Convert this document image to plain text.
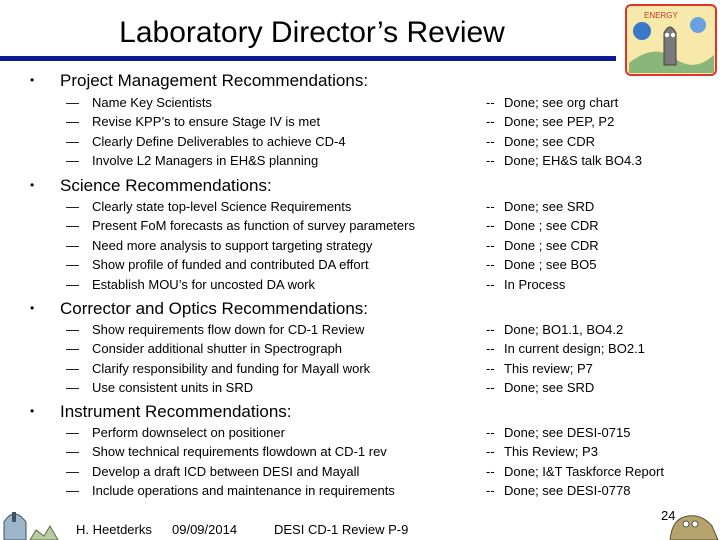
Laboratory Director’s Review
ENERGY
• Project Management Recommendations:
— Name Key Scientists	-- Done; see org chart
— Revise KPP’s to ensure Stage IV is met	-- Done; see PEP, P2
— Clearly Define Deliverables to achieve CD-4	-- Done; see CDR
— Involve L2 Managers in EH&S planning	-- Done; EH&S talk BO4.3
• Science Recommendations:
— Clearly state top-level Science Requirements	-- Done; see SRD
— Present FoM forecasts as function of survey parameters	-- Done ; see CDR
— Need more analysis to support targeting strategy	-- Done ; see CDR
— Show profile of funded and contributed DA effort	-- Done ; see BO5
— Establish MOU’s for uncosted DA work	-- In Process
• Corrector and Optics Recommendations:
— Show requirements flow down for CD-1 Review	-- Done; BO1.1, BO4.2
— Consider additional shutter in Spectrograph	-- In current design; BO2.1
— Clarify responsibility and funding for Mayall work	-- This review; P7
— Use consistent units in SRD	-- Done; see SRD
• Instrument Recommendations:
— Perform downselect on positioner	-- Done; see DESI-0715
— Show technical requirements flowdown at CD-1 rev	-- This Review; P3
— Develop a draft ICD between DESI and Mayall	-- Done; I&T Taskforce Report
— Include operations and maintenance in requirements	-- Done; see DESI-0778
H. Heetderks 09/09/2014	DESI CD-1 Review P-9
24
